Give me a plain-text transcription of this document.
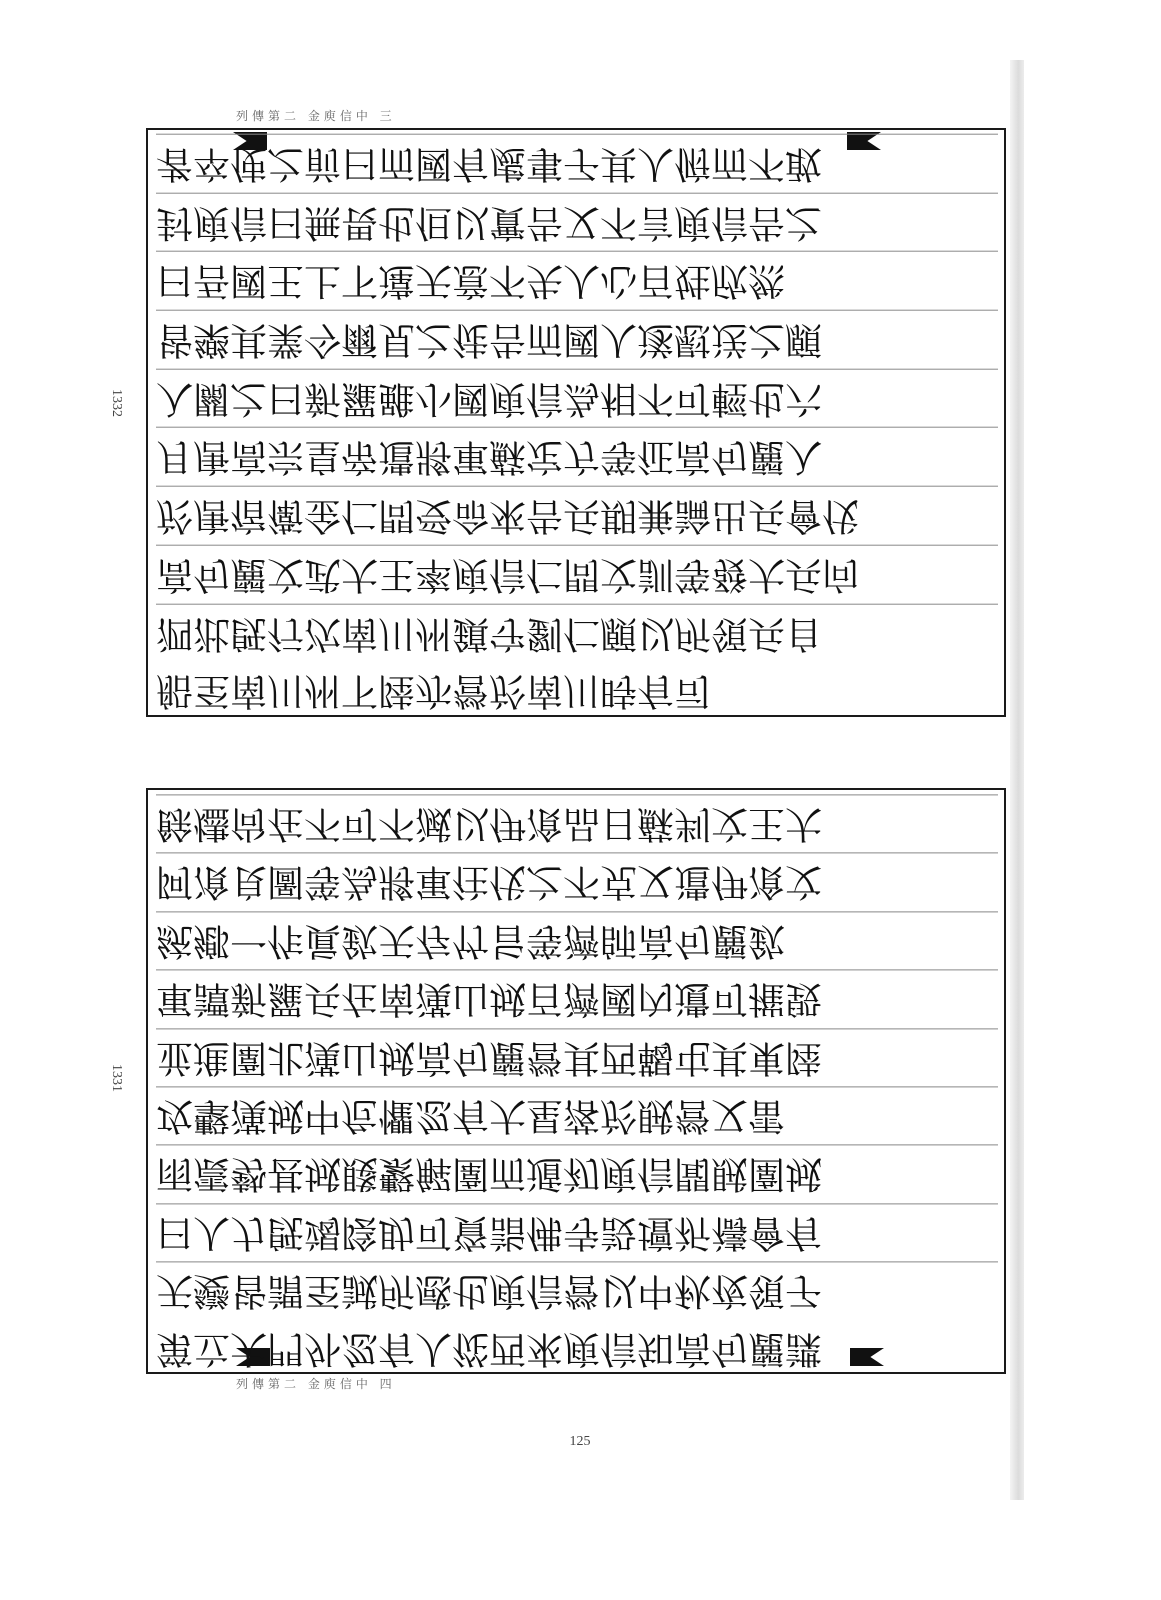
1332
1331
125
列傳第二 金庾信中 三
列傳第二 金庾信中 四
者卒使之前曰而國有處事子其人俯而不敢
封庾信曰無畏也但以實告又不言庾信告之
曰吾國王上下違天意不失人心百姓欣然
皆樂其業今爾見之徒告而國人遂慰送之願
入關之曰新羅雖小國庾信為相不可輕也六
月唐高宗皇帝遣將軍蘇定方等征高句麗入
於唐宿衛金仁問受命來告兵期兼論出兵會伐
高句麗文武大王率庾信仁問文訓等發大兵向
泗沘旣行次南川州鎮守劉仁願以所領兵自
船至南川州下陸亦營於南川時有司
餘燼尙在不可不滅以伊飡品日蘇判文王大
阿飡良圖等為將軍往伐之不克又遣伊飡文
統鄕一作眞欽天存竹旨等濟師高句麗欽
軍譚新羅兵在南漢山城百濟國內遺可摧毀
並進圍北漢山城高句麗營其西鞨屯其東陸
攻擊漢城中危懼忽有大星落於賊營又雷
雨震勢甚城賤繫解圍而遁初庾信聞賊圍城
曰人力旣竭陰助可資詣佛寺設壇祈禱會有
天變皆謂至誠所感也庾信營以中秋夜領子
第立大門外忽有人從西來庾信知高句麗諜
